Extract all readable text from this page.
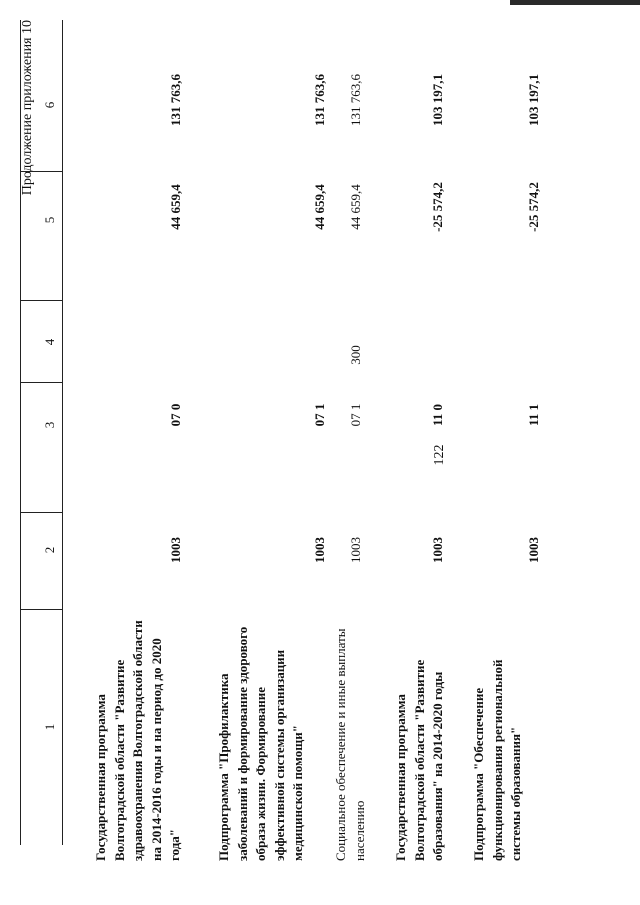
122
Продолжение приложения 10
1
2
3
4
5
6
Государственная программа Волгоградской области "Развитие здравоохранения Волгоградской области на 2014-2016 годы и на период до 2020 года"
1003
07 0
44 659,4
131 763,6
Подпрограмма "Профилактика заболеваний и формирование здорового образа жизни. Формирование эффективной системы организации медицинской помощи"
1003
07 1
44 659,4
131 763,6
Социальное обеспечение и иные выплаты населению
1003
07 1
300
44 659,4
131 763,6
Государственная программа Волгоградской области "Развитие образования" на 2014-2020 годы
1003
11 0
-25 574,2
103 197,1
Подпрограмма "Обеспечение функционирования региональной системы образования"
1003
11 1
-25 574,2
103 197,1
